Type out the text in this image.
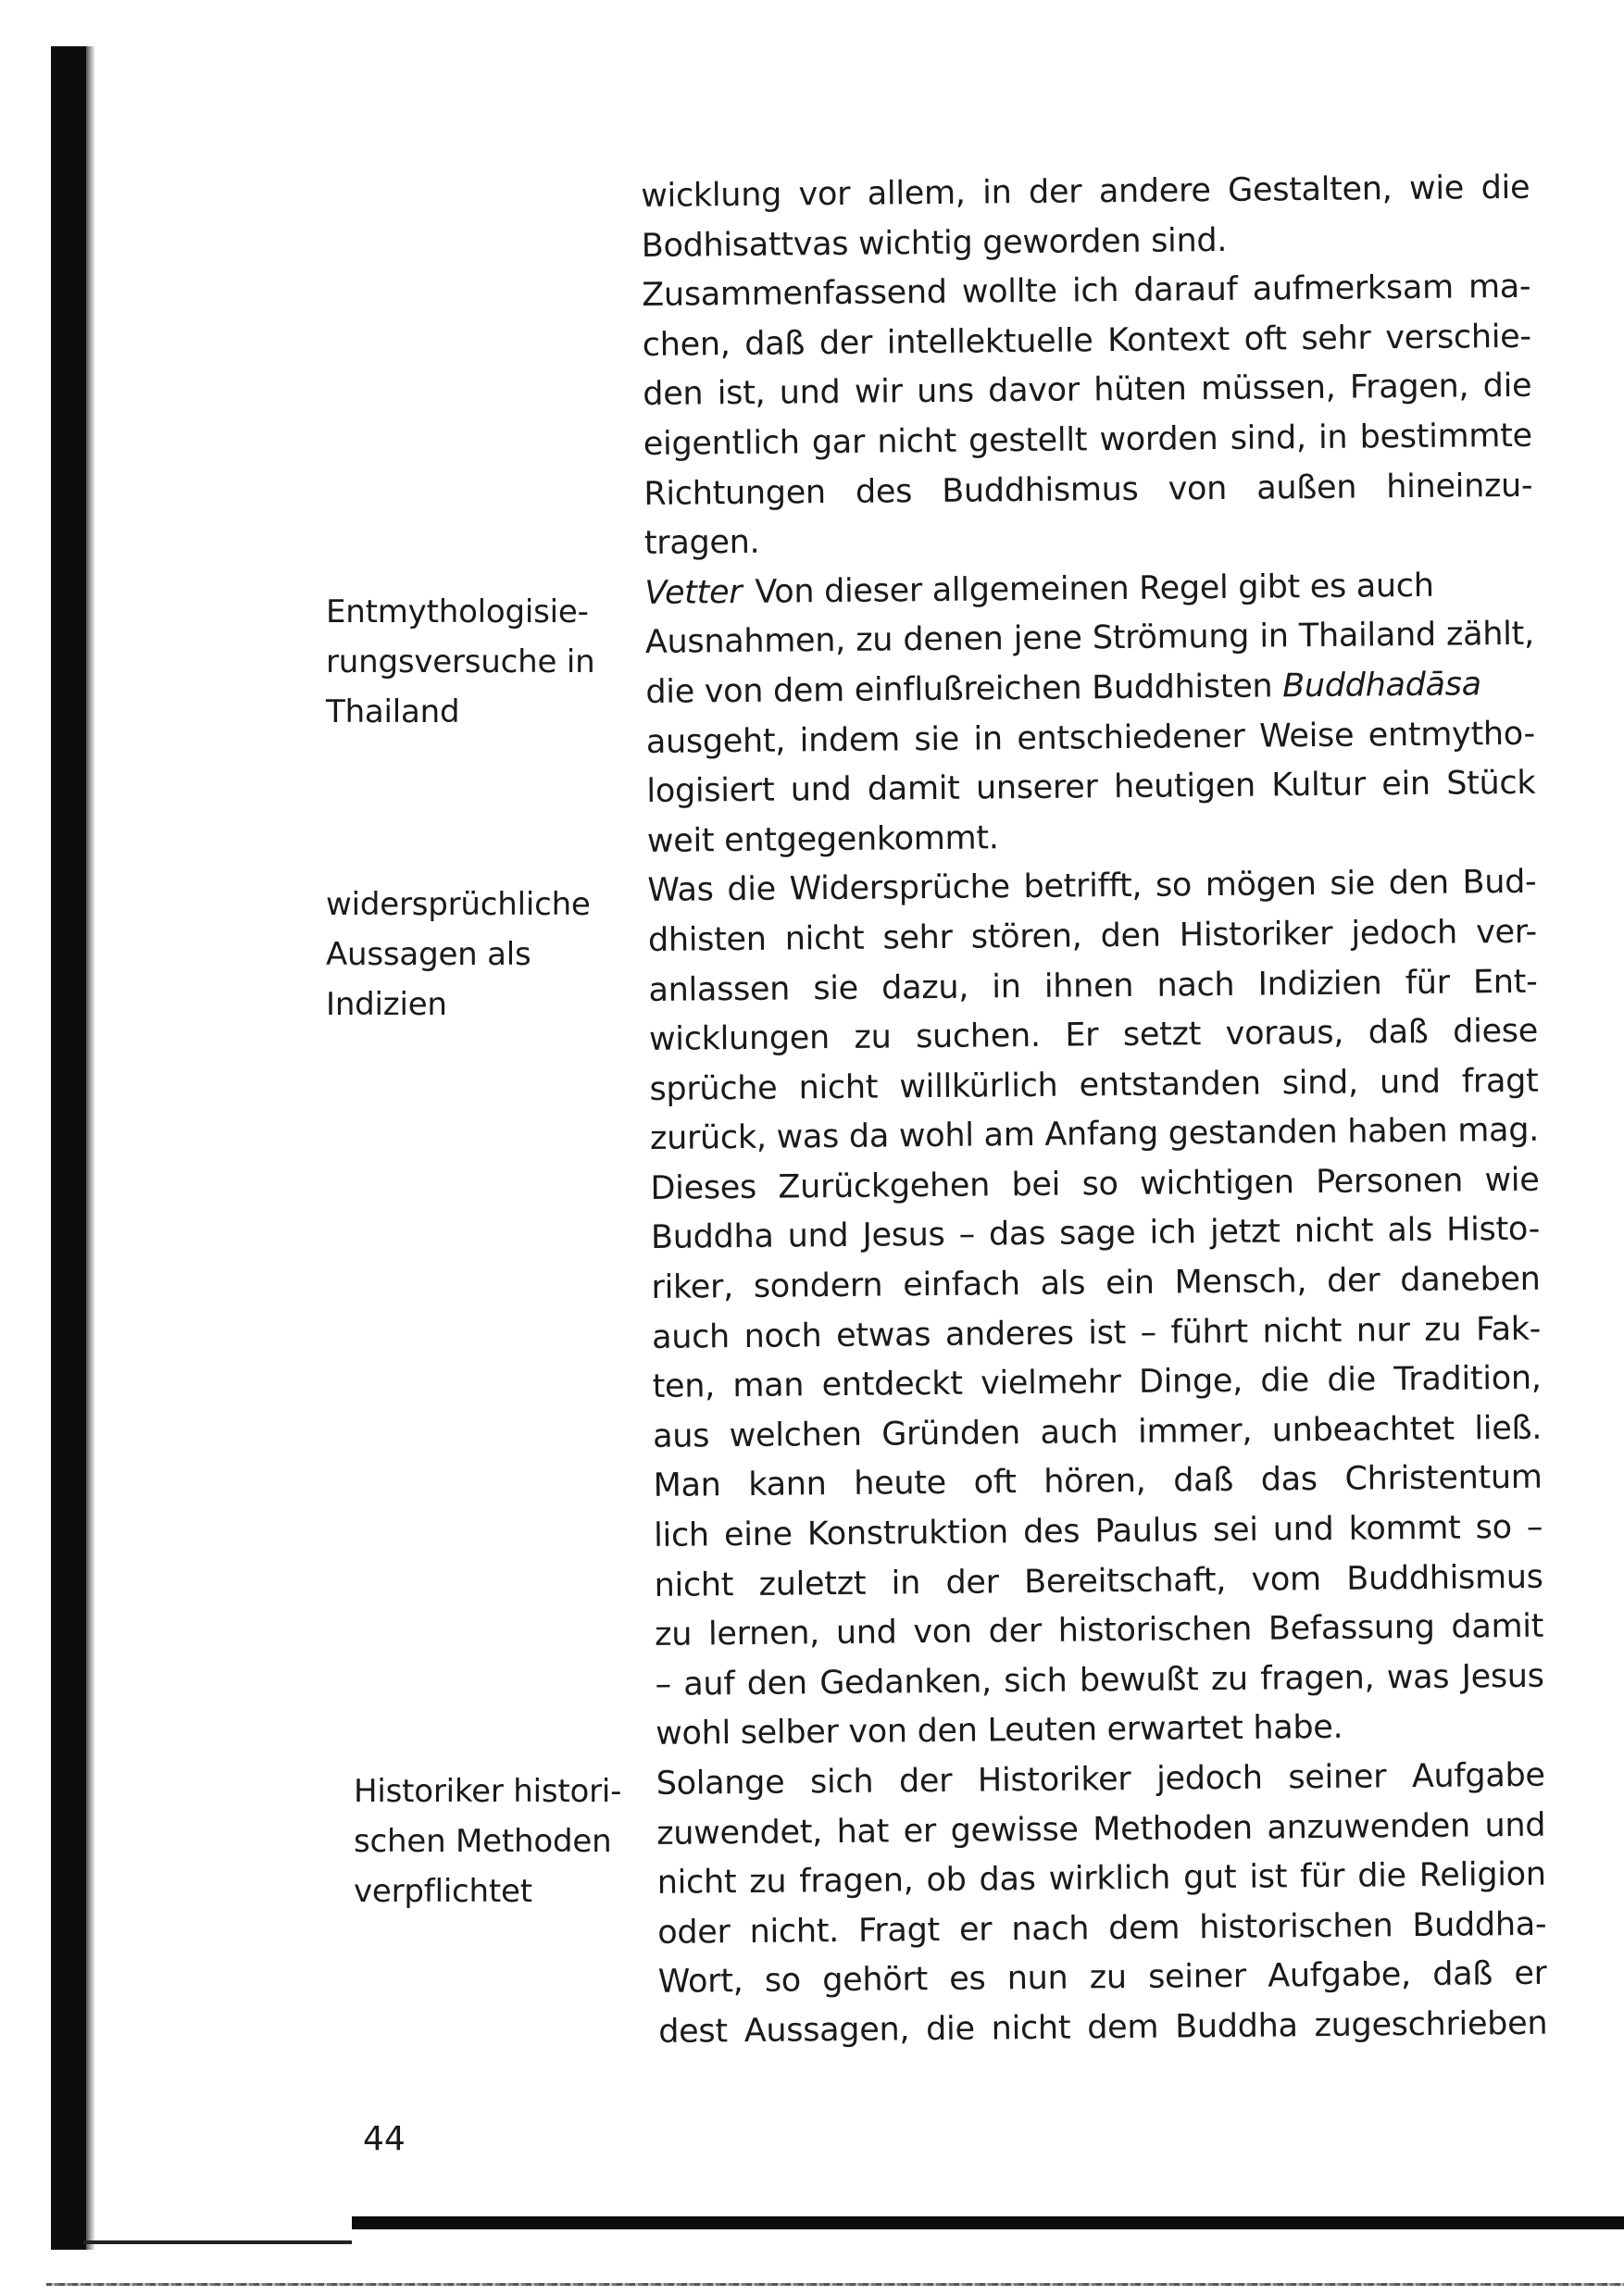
Entmythologisie-
rungsversuche in
Thailand
widersprüchliche
Aussagen als
Indizien
Historiker histori-
schen Methoden
verpflichtet
wicklung vor allem, in der andere Gestalten, wie die
Bodhisattvas wichtig geworden sind.
Zusammenfassend wollte ich darauf aufmerksam ma-
chen, daß der intellektuelle Kontext oft sehr verschie-
den ist, und wir uns davor hüten müssen, Fragen, die
eigentlich gar nicht gestellt worden sind, in bestimmte
Richtungen des Buddhismus von außen hineinzu-
tragen.
Vetter Von dieser allgemeinen Regel gibt es auch
Ausnahmen, zu denen jene Strömung in Thailand zählt,
die von dem einflußreichen Buddhisten Buddhadāsa
ausgeht, indem sie in entschiedener Weise entmytho-
logisiert und damit unserer heutigen Kultur ein Stück
weit entgegenkommt.
Was die Widersprüche betrifft, so mögen sie den Bud-
dhisten nicht sehr stören, den Historiker jedoch ver-
anlassen sie dazu, in ihnen nach Indizien für Ent-
wicklungen zu suchen. Er setzt voraus, daß diese
sprüche nicht willkürlich entstanden sind, und fragt
zurück, was da wohl am Anfang gestanden haben mag.
Dieses Zurückgehen bei so wichtigen Personen wie
Buddha und Jesus – das sage ich jetzt nicht als Histo-
riker, sondern einfach als ein Mensch, der daneben
auch noch etwas anderes ist – führt nicht nur zu Fak-
ten, man entdeckt vielmehr Dinge, die die Tradition,
aus welchen Gründen auch immer, unbeachtet ließ.
Man kann heute oft hören, daß das Christentum
lich eine Konstruktion des Paulus sei und kommt so –
nicht zuletzt in der Bereitschaft, vom Buddhismus
zu lernen, und von der historischen Befassung damit
– auf den Gedanken, sich bewußt zu fragen, was Jesus
wohl selber von den Leuten erwartet habe.
Solange sich der Historiker jedoch seiner Aufgabe
zuwendet, hat er gewisse Methoden anzuwenden und
nicht zu fragen, ob das wirklich gut ist für die Religion
oder nicht. Fragt er nach dem historischen Buddha-
Wort, so gehört es nun zu seiner Aufgabe, daß er
dest Aussagen, die nicht dem Buddha zugeschrieben
44
